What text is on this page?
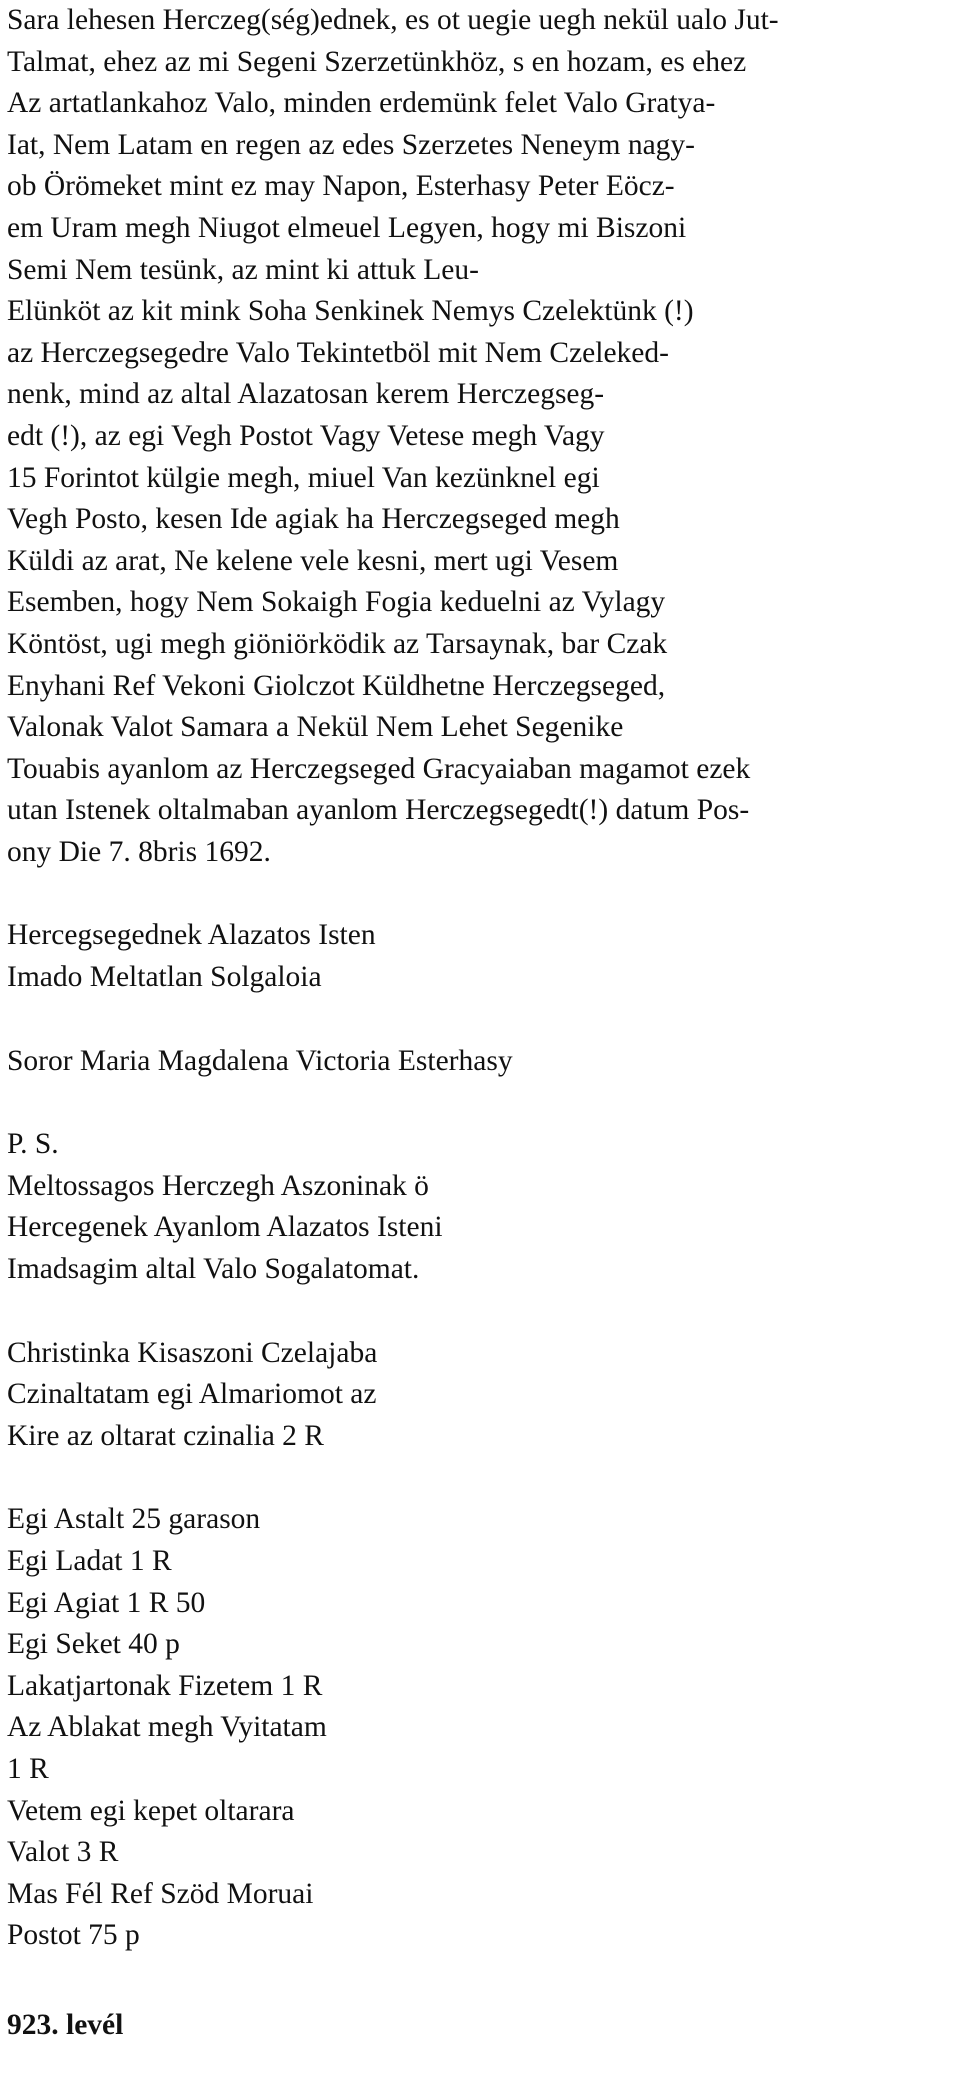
Sara lehesen Herczeg(ség)ednek, es ot uegie uegh nekül ualo Jut-
Talmat, ehez az mi Segeni Szerzetünkhöz, s en hozam, es ehez
Az artatlankahoz Valo, minden erdemünk felet Valo Gratya-
Iat, Nem Latam en regen az edes Szerzetes Neneym nagy-
ob Örömeket mint ez may Napon, Esterhasy Peter Eöcz-
em Uram megh Niugot elmeuel Legyen, hogy mi Biszoni
Semi Nem tesünk, az mint ki attuk Leu-
Elünköt az kit mink Soha Senkinek Nemys Czelektünk (!)
az Herczegsegedre Valo Tekintetböl mit Nem Czeleked-
nenk, mind az altal Alazatosan kerem Herczegseg-
edt (!), az egi Vegh Postot Vagy Vetese megh Vagy
15 Forintot külgie megh, miuel Van kezünknel egi
Vegh Posto, kesen Ide agiak ha Herczegseged megh
Küldi az arat, Ne kelene vele kesni, mert ugi Vesem
Esemben, hogy Nem Sokaigh Fogia keduelni az Vylagy
Köntöst, ugi megh giöniörködik az Tarsaynak, bar Czak
Enyhani Ref Vekoni Giolczot Küldhetne Herczegseged,
Valonak Valot Samara a Nekül Nem Lehet Segenike
Touabis ayanlom az Herczegseged Gracyaiaban magamot ezek
utan Istenek oltalmaban ayanlom Herczegsegedt(!) datum Pos-
ony Die 7. 8bris 1692.
Hercegsegednek Alazatos Isten
Imado Meltatlan Solgaloia
Soror Maria Magdalena Victoria Esterhasy
P. S.
Meltossagos Herczegh Aszoninak ö
Hercegenek Ayanlom Alazatos Isteni
Imadsagim altal Valo Sogalatomat.
Christinka Kisaszoni Czelajaba
Czinaltatam egi Almariomot az
Kire az oltarat czinalia 2 R
Egi Astalt 25 garason
Egi Ladat 1 R
Egi Agiat 1 R 50
Egi Seket 40 p
Lakatjartonak Fizetem 1 R
Az Ablakat megh Vyitatam
1 R
Vetem egi kepet oltarara
Valot 3 R
Mas Fél Ref Szöd Moruai
Postot 75 p
923. levél
